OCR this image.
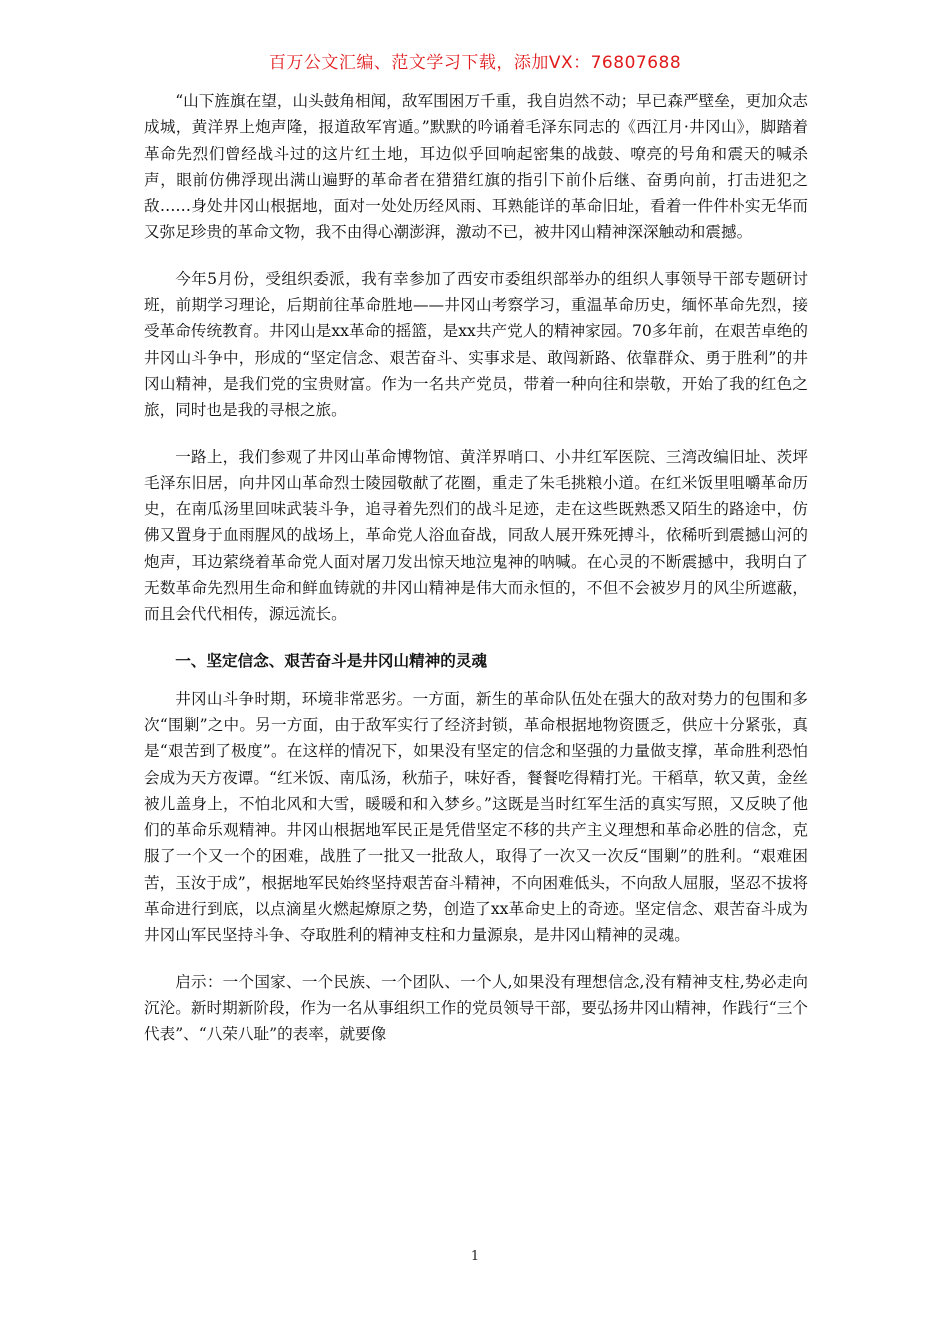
百万公文汇编、范文学习下载，添加VX：76807688

“山下旌旗在望，山头鼓角相闻，敌军围困万千重，我自岿然不动；早已森严壁垒，更加众志成城，黄洋界上炮声隆，报道敌军宵遁。”默默的吟诵着毛泽东同志的《西江月·井冈山》，脚踏着革命先烈们曾经战斗过的这片红土地，耳边似乎回响起密集的战鼓、嘹亮的号角和震天的喊杀声，眼前仿佛浮现出满山遍野的革命者在猎猎红旗的指引下前仆后继、奋勇向前，打击进犯之敌……身处井冈山根据地，面对一处处历经风雨、耳熟能详的革命旧址，看着一件件朴实无华而又弥足珍贵的革命文物，我不由得心潮澎湃，激动不已，被井冈山精神深深触动和震撼。

今年5月份，受组织委派，我有幸参加了西安市委组织部举办的组织人事领导干部专题研讨班，前期学习理论，后期前往革命胜地——井冈山考察学习，重温革命历史，缅怀革命先烈，接受革命传统教育。井冈山是xx革命的摇篮，是xx共产党人的精神家园。70多年前，在艰苦卓绝的井冈山斗争中，形成的“坚定信念、艰苦奋斗、实事求是、敢闯新路、依靠群众、勇于胜利”的井冈山精神，是我们党的宝贵财富。作为一名共产党员，带着一种向往和崇敬，开始了我的红色之旅，同时也是我的寻根之旅。

一路上，我们参观了井冈山革命博物馆、黄洋界哨口、小井红军医院、三湾改编旧址、茨坪毛泽东旧居，向井冈山革命烈士陵园敬献了花圈，重走了朱毛挑粮小道。在红米饭里咀嚼革命历史，在南瓜汤里回味武装斗争，追寻着先烈们的战斗足迹，走在这些既熟悉又陌生的路途中，仿佛又置身于血雨腥风的战场上，革命党人浴血奋战，同敌人展开殊死搏斗，依稀听到震撼山河的炮声，耳边萦绕着革命党人面对屠刀发出惊天地泣鬼神的呐喊。在心灵的不断震撼中，我明白了无数革命先烈用生命和鲜血铸就的井冈山精神是伟大而永恒的，不但不会被岁月的风尘所遮蔽，而且会代代相传，源远流长。

一、坚定信念、艰苦奋斗是井冈山精神的灵魂

井冈山斗争时期，环境非常恶劣。一方面，新生的革命队伍处在强大的敌对势力的包围和多次“围剿”之中。另一方面，由于敌军实行了经济封锁，革命根据地物资匮乏，供应十分紧张，真是“艰苦到了极度”。在这样的情况下，如果没有坚定的信念和坚强的力量做支撑，革命胜利恐怕会成为天方夜谭。“红米饭、南瓜汤，秋茄子，味好香，餐餐吃得精打光。干稻草，软又黄，金丝被儿盖身上，不怕北风和大雪，暖暖和和入梦乡。”这既是当时红军生活的真实写照，又反映了他们的革命乐观精神。井冈山根据地军民正是凭借坚定不移的共产主义理想和革命必胜的信念，克服了一个又一个的困难，战胜了一批又一批敌人，取得了一次又一次反“围剿”的胜利。“艰难困苦，玉汝于成”，根据地军民始终坚持艰苦奋斗精神，不向困难低头，不向敌人屈服，坚忍不拔将革命进行到底，以点滴星火燃起燎原之势，创造了xx革命史上的奇迹。坚定信念、艰苦奋斗成为井冈山军民坚持斗争、夺取胜利的精神支柱和力量源泉，是井冈山精神的灵魂。

启示：一个国家、一个民族、一个团队、一个人,如果没有理想信念,没有精神支柱,势必走向沉沦。新时期新阶段，作为一名从事组织工作的党员领导干部，要弘扬井冈山精神，作践行“三个代表”、“八荣八耻”的表率，就要像

1
